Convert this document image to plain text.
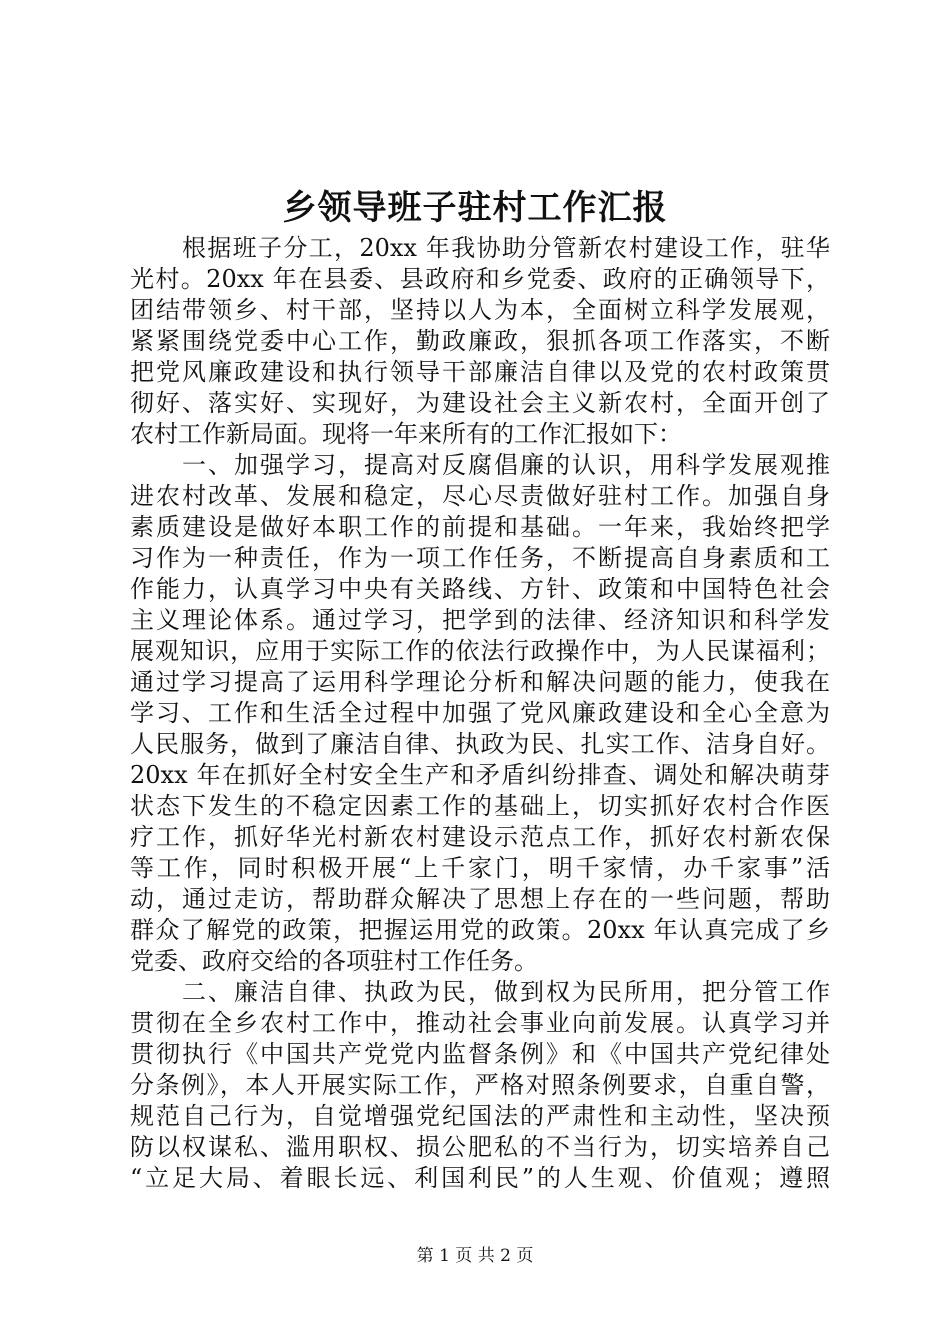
乡领导班子驻村工作汇报
根据班子分工，20xx 年我协助分管新农村建设工作，驻华
光村。20xx 年在县委、县政府和乡党委、政府的正确领导下，
团结带领乡、村干部，坚持以人为本，全面树立科学发展观，
紧紧围绕党委中心工作，勤政廉政，狠抓各项工作落实，不断
把党风廉政建设和执行领导干部廉洁自律以及党的农村政策贯
彻好、落实好、实现好，为建设社会主义新农村，全面开创了
农村工作新局面。现将一年来所有的工作汇报如下：
一、加强学习，提高对反腐倡廉的认识，用科学发展观推
进农村改革、发展和稳定，尽心尽责做好驻村工作。加强自身
素质建设是做好本职工作的前提和基础。一年来，我始终把学
习作为一种责任，作为一项工作任务，不断提高自身素质和工
作能力，认真学习中央有关路线、方针、政策和中国特色社会
主义理论体系。通过学习，把学到的法律、经济知识和科学发
展观知识，应用于实际工作的依法行政操作中，为人民谋福利；
通过学习提高了运用科学理论分析和解决问题的能力，使我在
学习、工作和生活全过程中加强了党风廉政建设和全心全意为
人民服务，做到了廉洁自律、执政为民、扎实工作、洁身自好。
20xx 年在抓好全村安全生产和矛盾纠纷排查、调处和解决萌芽
状态下发生的不稳定因素工作的基础上，切实抓好农村合作医
疗工作，抓好华光村新农村建设示范点工作，抓好农村新农保
等工作，同时积极开展“上千家门，明千家情，办千家事”活
动，通过走访，帮助群众解决了思想上存在的一些问题，帮助
群众了解党的政策，把握运用党的政策。20xx 年认真完成了乡
党委、政府交给的各项驻村工作任务。
二、廉洁自律、执政为民，做到权为民所用，把分管工作
贯彻在全乡农村工作中，推动社会事业向前发展。认真学习并
贯彻执行《中国共产党党内监督条例》和《中国共产党纪律处
分条例》，本人开展实际工作，严格对照条例要求，自重自警，
规范自己行为，自觉增强党纪国法的严肃性和主动性，坚决预
防以权谋私、滥用职权、损公肥私的不当行为，切实培养自己
“立足大局、着眼长远、利国利民”的人生观、价值观；遵照
第 1 页 共 2 页
